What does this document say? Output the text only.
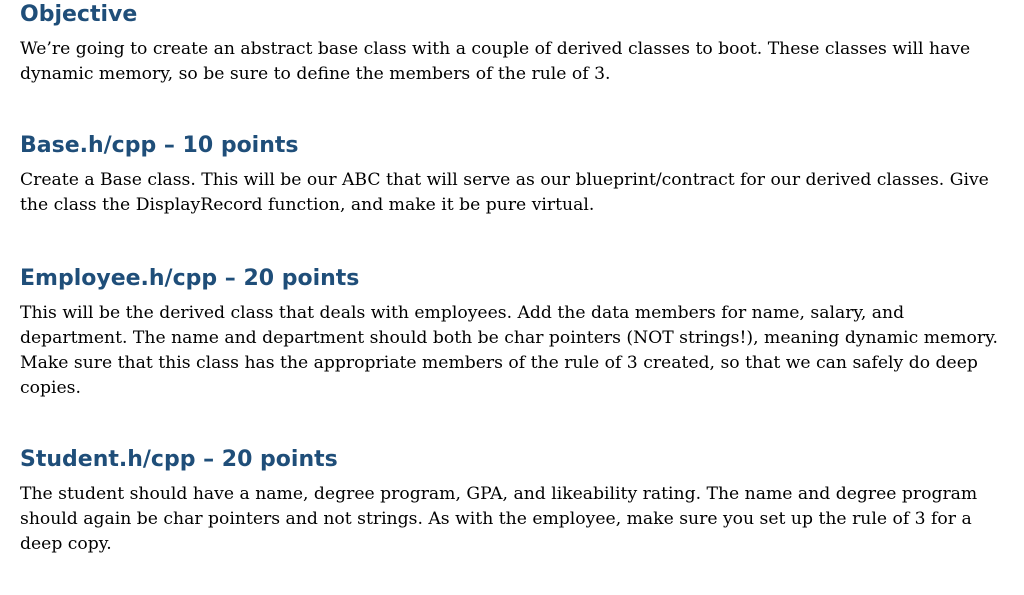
Objective

We’re going to create an abstract base class with a couple of derived classes to boot. These classes will have dynamic memory, so be sure to define the members of the rule of 3.

Base.h/cpp – 10 points

Create a Base class. This will be our ABC that will serve as our blueprint/contract for our derived classes. Give the class the DisplayRecord function, and make it be pure virtual.

Employee.h/cpp – 20 points

This will be the derived class that deals with employees. Add the data members for name, salary, and department. The name and department should both be char pointers (NOT strings!), meaning dynamic memory. Make sure that this class has the appropriate members of the rule of 3 created, so that we can safely do deep copies.

Student.h/cpp – 20 points

The student should have a name, degree program, GPA, and likeability rating. The name and degree program should again be char pointers and not strings. As with the employee, make sure you set up the rule of 3 for a deep copy.
